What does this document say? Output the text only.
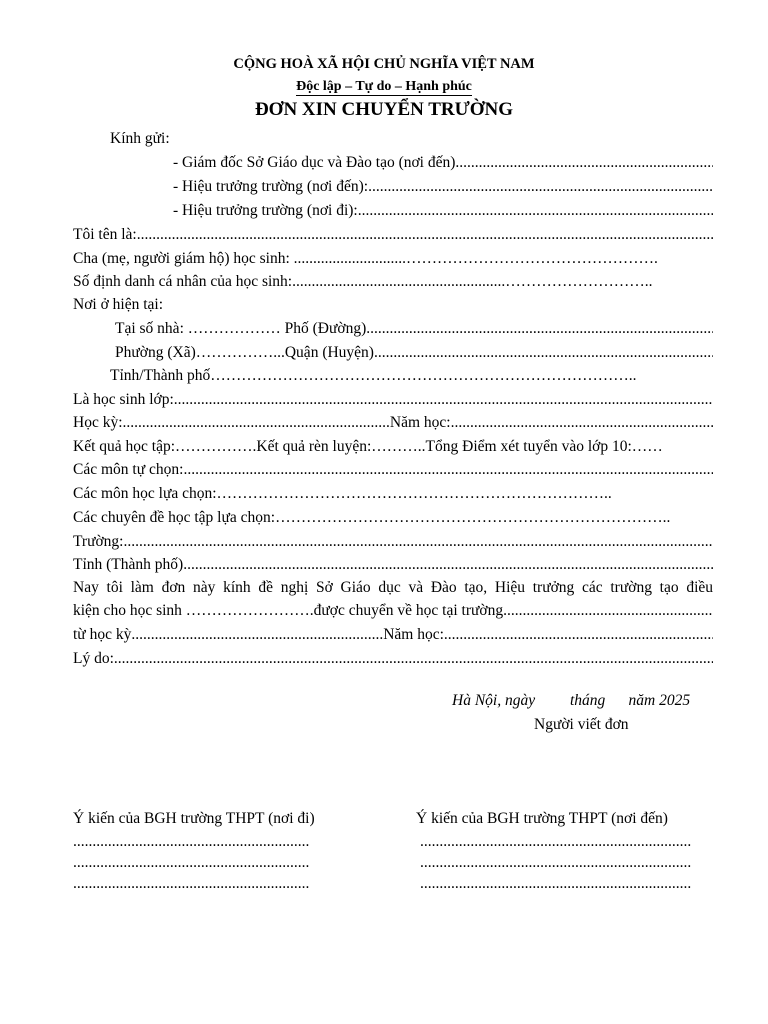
CỘNG HOÀ XÃ HỘI CHỦ NGHĨA VIỆT NAM
Độc lập – Tự do – Hạnh phúc
ĐƠN XIN CHUYỂN TRƯỜNG
Kính gửi:
- Giám đốc Sở Giáo dục và Đào tạo (nơi đến)
.....
- Hiệu trưởng trường (nơi đến):
.....
- Hiệu trưởng trường (nơi đi):
.....
Tôi tên là:
.....
Cha (mẹ, người giám hộ) học sinh: .............................………………………………………….
Số định danh cá nhân của học sinh:.......................................................………………………..
Nơi ở hiện tại:
Tại số nhà: ……………… Phố (Đường)
.....
Phường (Xã)……………...Quận (Huyện)
.....
Tỉnh/Thành phố………………………………………………………………………..
Là học sinh lớp:
.....
Học kỳ:.....................................................................Năm học:
.....
Kết quả học tập:…………….Kết quả rèn luyện:………..Tổng Điểm xét tuyển vào lớp 10:……
Các môn tự chọn:
.....
Các môn học lựa chọn:…………………………………………………………………..
Các chuyên đề học tập lựa chọn:…………………………………………………………………..
Trường:
.....
Tỉnh (Thành phố)
.....
Nay tôi làm đơn này kính đề nghị Sở Giáo dục và Đào tạo, Hiệu trưởng các trường tạo điều
kiện cho học sinh …………………….được chuyển về học tại trường
.....
từ học kỳ.................................................................Năm học:
.....
Lý do:
.....
Hà Nội, ngày         tháng      năm 2025
Người viết đơn
Ý kiến của BGH trường THPT (nơi đi)	Ý kiến của BGH trường THPT (nơi đến)
.............................................................
.............................................................
.............................................................
......................................................................
......................................................................
......................................................................
